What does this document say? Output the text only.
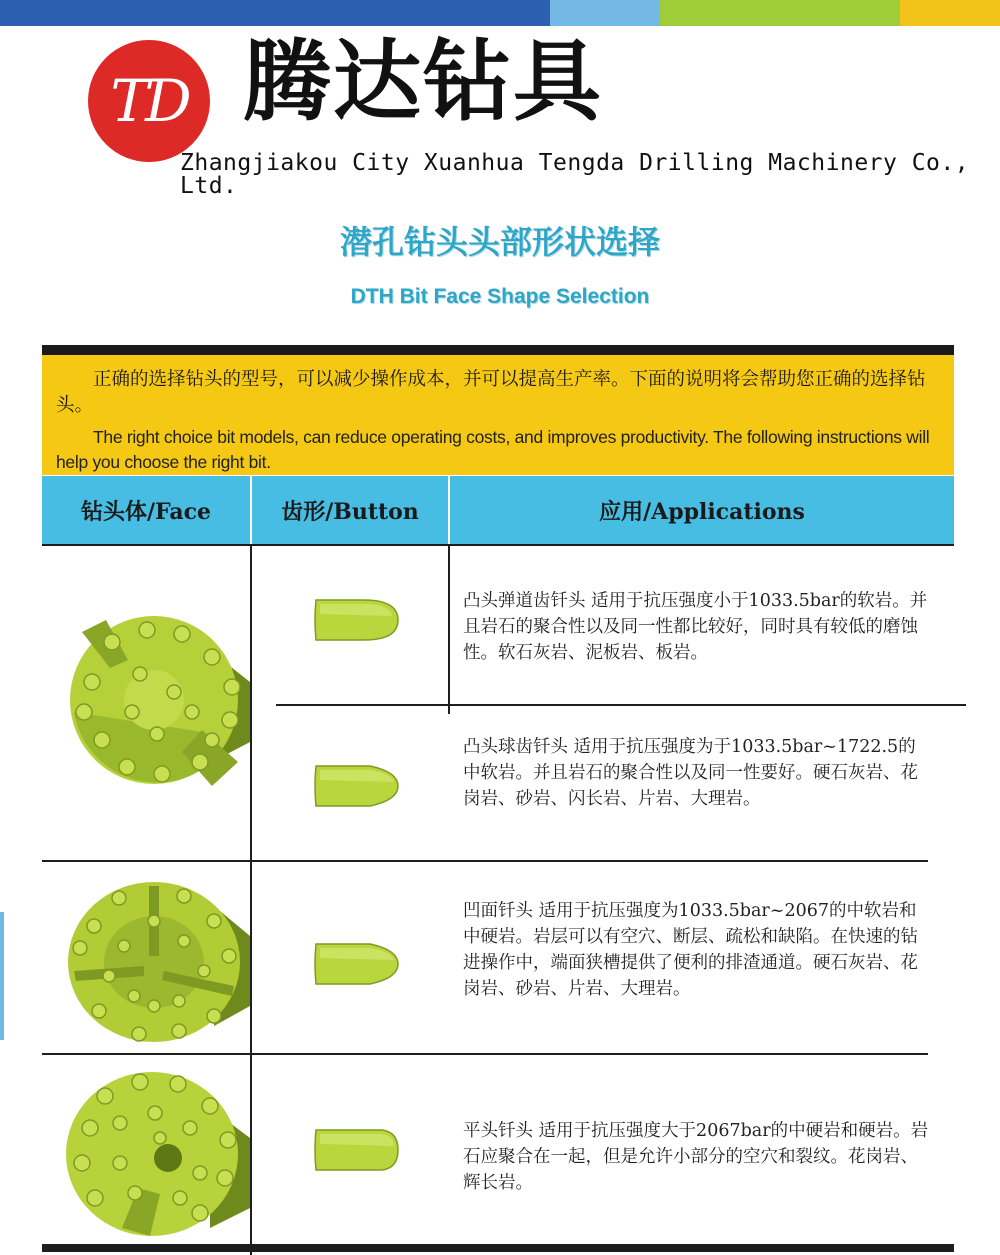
TD 腾达钻具
Zhangjiakou City Xuanhua Tengda Drilling Machinery Co., Ltd.
潜孔钻头头部形状选择
DTH Bit Face Shape Selection

正确的选择钻头的型号，可以减少操作成本，并可以提高生产率。下面的说明将会帮助您正确的选择钻头。

The right choice bit models, can reduce operating costs, and improves productivity. The following instructions will help you choose the right bit.

钻头体/Face	齿形/Button	应用/Applications
凸头弹道齿钎头 适用于抗压强度小于1033.5bar的软岩。并且岩石的聚合性以及同一性都比较好，同时具有较低的磨蚀性。软石灰岩、泥板岩、板岩。
凸头球齿钎头 适用于抗压强度为于1033.5bar~1722.5的中软岩。并且岩石的聚合性以及同一性要好。硬石灰岩、花岗岩、砂岩、闪长岩、片岩、大理岩。
凹面钎头 适用于抗压强度为1033.5bar~2067的中软岩和中硬岩。岩层可以有空穴、断层、疏松和缺陷。在快速的钻进操作中，端面狭槽提供了便利的排渣通道。硬石灰岩、花岗岩、砂岩、片岩、大理岩。
平头钎头 适用于抗压强度大于2067bar的中硬岩和硬岩。岩石应聚合在一起，但是允许小部分的空穴和裂纹。花岗岩、辉长岩。
